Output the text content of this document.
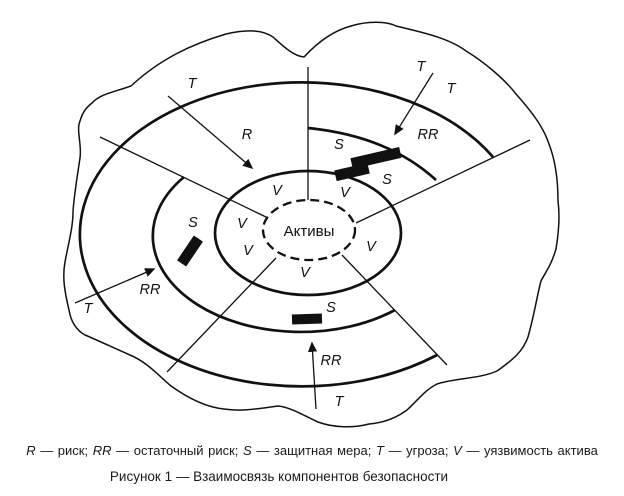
T
R
T
T
RR
S
S
S
RR
T	S
RR
T
V	V
V
V	V
V
Активы
R — риск; RR — остаточный риск; S — защитная мера; T — угроза; V — уязвимость актива
Рисунок 1 — Взаимосвязь компонентов безопасности
